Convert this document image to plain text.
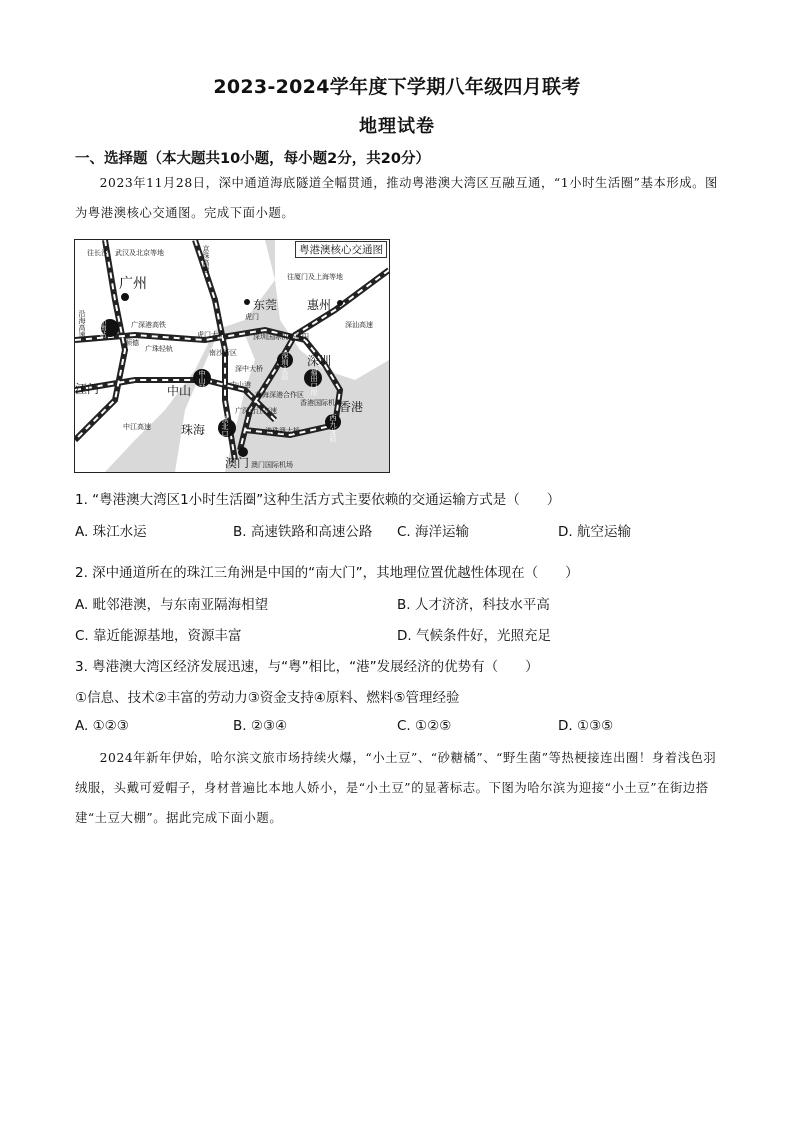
2023-2024学年度下学期八年级四月联考
地理试卷
一、选择题（本大题共10小题，每小题2分，共20分）

2023年11月28日，深中通道海底隧道全幅贯通，推动粤港澳大湾区互融互通，“1小时生活圈”基本形成。图为粤港澳核心交通图。完成下面小题。

粤港澳核心交通图
往长沙、武汉及北京等地
往厦门及上海等地
广州
东莞 惠州
深圳
江门	中山
珠海
香港
澳门
京珠高速
广深港高铁
广珠轻轨
虎门
虎门大桥	深圳国际机场
南沙新区
顺德
中山港
深中大桥
前海深港合作区
香港国际机场
港珠澳大桥
澳门国际机场
中江高速
惠阳
沿海高速	深汕高速
广州南站
拱北口岸
中山站
深圳北站
福田口岸
西九龙站
广深沿江高速
1. “粤港澳大湾区1小时生活圈”这种生活方式主要依赖的交通运输方式是（　　）
A. 珠江水运	B. 高速铁路和高速公路 C. 海洋运输	D. 航空运输
2. 深中通道所在的珠江三角洲是中国的“南大门”，其地理位置优越性体现在（　　）
A. 毗邻港澳，与东南亚隔海相望	B. 人才济济，科技水平高
C. 靠近能源基地，资源丰富	D. 气候条件好，光照充足
3. 粤港澳大湾区经济发展迅速，与“粤”相比，“港”发展经济的优势有（　　）
①信息、技术②丰富的劳动力③资金支持④原料、燃料⑤管理经验
A. ①②③	B. ②③④	C. ①②⑤	D. ①③⑤

2024年新年伊始，哈尔滨文旅市场持续火爆，“小土豆”、“砂糖橘”、“野生菌”等热梗接连出圈！身着浅色羽绒服，头戴可爱帽子，身材普遍比本地人娇小，是“小土豆”的显著标志。下图为哈尔滨为迎接“小土豆”在街边搭建“土豆大棚”。据此完成下面小题。
